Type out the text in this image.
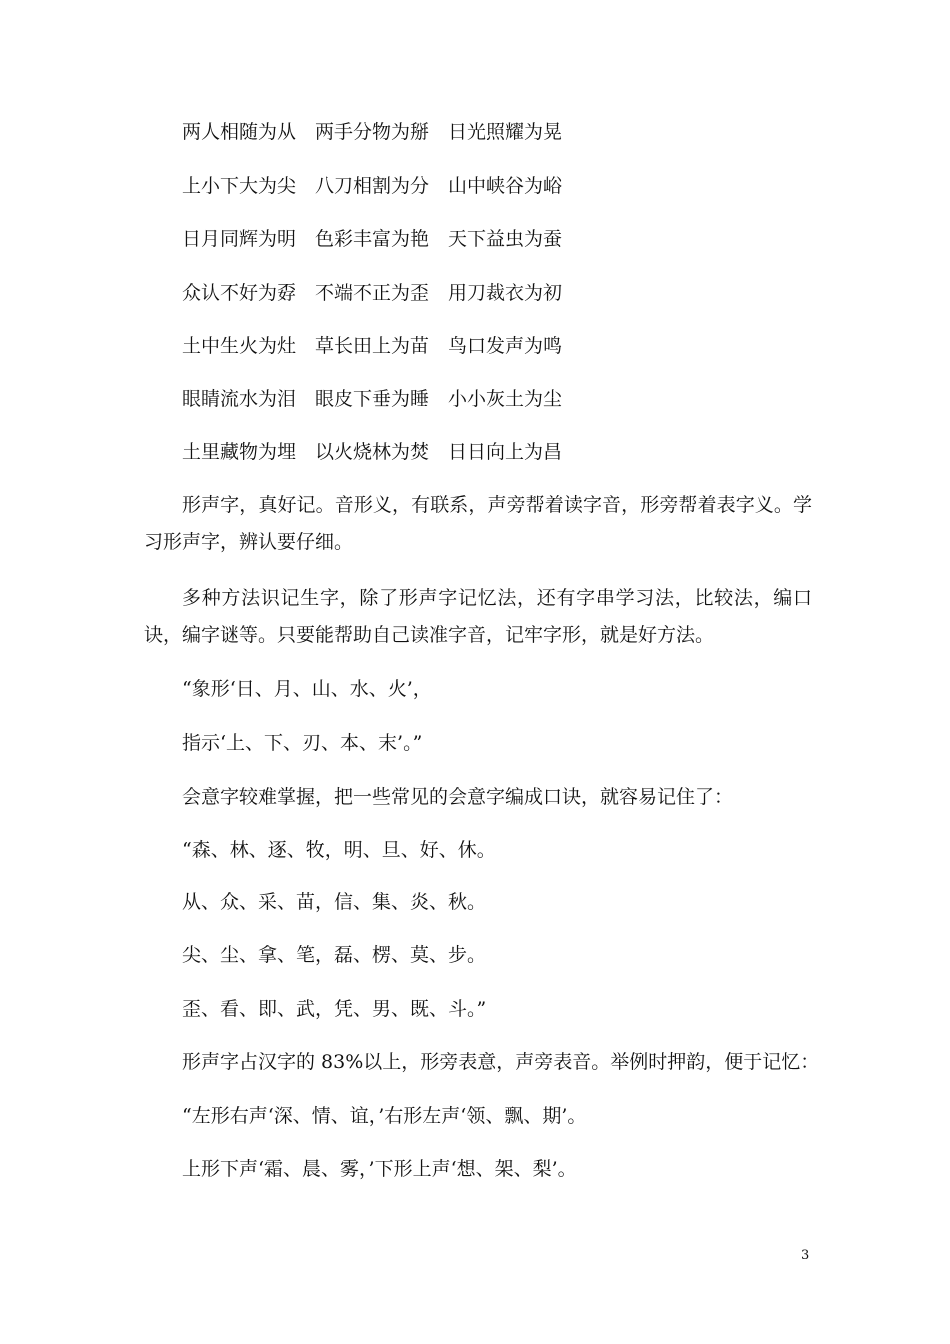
两人相随为从　两手分物为掰　日光照耀为晃
上小下大为尖　八刀相割为分　山中峡谷为峪
日月同辉为明　色彩丰富为艳　天下益虫为蚕
众认不好为孬　不端不正为歪　用刀裁衣为初
土中生火为灶　草长田上为苗　鸟口发声为鸣
眼睛流水为泪　眼皮下垂为睡　小小灰土为尘
土里藏物为埋　以火烧林为焚　日日向上为昌
形声字，真好记。音形义，有联系，声旁帮着读字音，形旁帮着表字义。学习形声字，辨认要仔细。
多种方法识记生字，除了形声字记忆法，还有字串学习法，比较法，编口诀，编字谜等。只要能帮助自己读准字音，记牢字形，就是好方法。
“象形‘日、月、山、水、火’，
指示‘上、下、刃、本、末’。”
会意字较难掌握，把一些常见的会意字编成口诀，就容易记住了：
“森、林、逐、牧，明、旦、好、休。
从、众、采、苗，信、集、炎、秋。
尖、尘、拿、笔，磊、楞、莫、步。
歪、看、即、武，凭、男、既、斗。”
形声字占汉字的 83%以上，形旁表意，声旁表音。举例时押韵，便于记忆：
“左形右声‘深、情、谊，’右形左声‘领、飘、期’。
上形下声‘霜、晨、雾，’下形上声‘想、架、梨’。
3
